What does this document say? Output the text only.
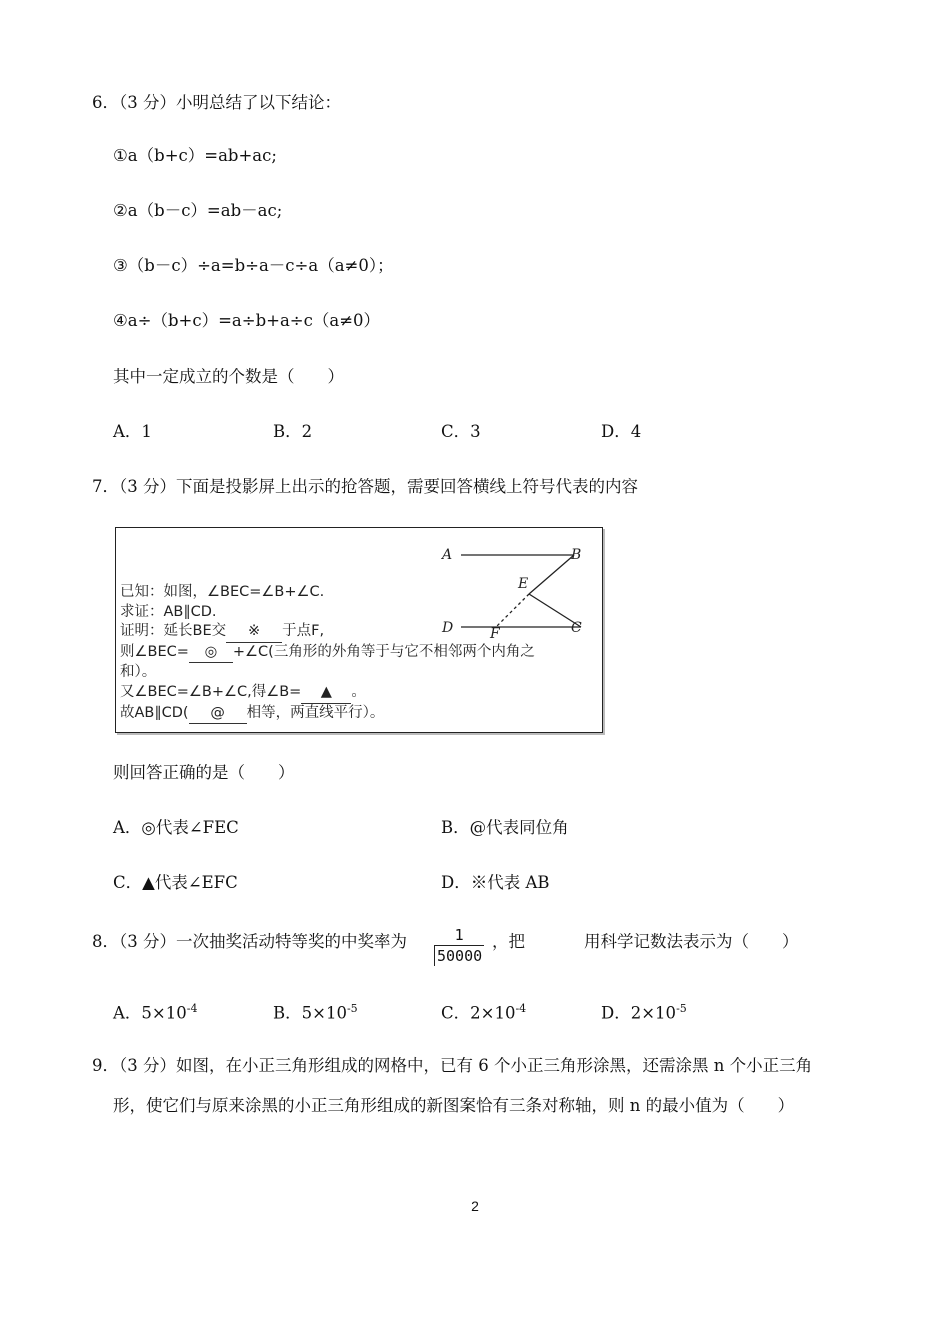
6．（3 分）小明总结了以下结论：
①a（b+c）=ab+ac;
②a（b－c）=ab－ac;
③（b－c）÷a=b÷a－c÷a（a≠0）；
④a÷（b+c）=a÷b+a÷c（a≠0）
其中一定成立的个数是（　　）
A．1	B．2	C．3	D．4
7．（3 分）下面是投影屏上出示的抢答题，需要回答横线上符号代表的内容
A	B
E
D	F	C
已知：如图，∠BEC=∠B+∠C.
求证：AB∥CD.
证明：延长BE交 ※ 于点F,
则∠BEC= ◎ +∠C(三角形的外角等于与它不相邻两个内角之
和）。
又∠BEC=∠B+∠C,得∠B= ▲ 。
故AB∥CD( @ 相等，两直线平行）。
则回答正确的是（　　）
A．◎代表∠FEC	B．@代表同位角
C．▲代表∠EFC	D．※代表 AB
8．（3 分）一次抽奖活动特等奖的中奖率为 $\frac{1}{50000}$ ，把	用科学记数法表示为（　　）
A．$5\times 10^{-4}$	B．$5\times 10^{-5}$	C．$2\times 10^{-4}$	D．$2\times 10^{-5}$
9．（3 分）如图，在小正三角形组成的网格中，已有 6 个小正三角形涂黑，还需涂黑 n 个小正三角
形，使它们与原来涂黑的小正三角形组成的新图案恰有三条对称轴，则 n 的最小值为（　　）
2
